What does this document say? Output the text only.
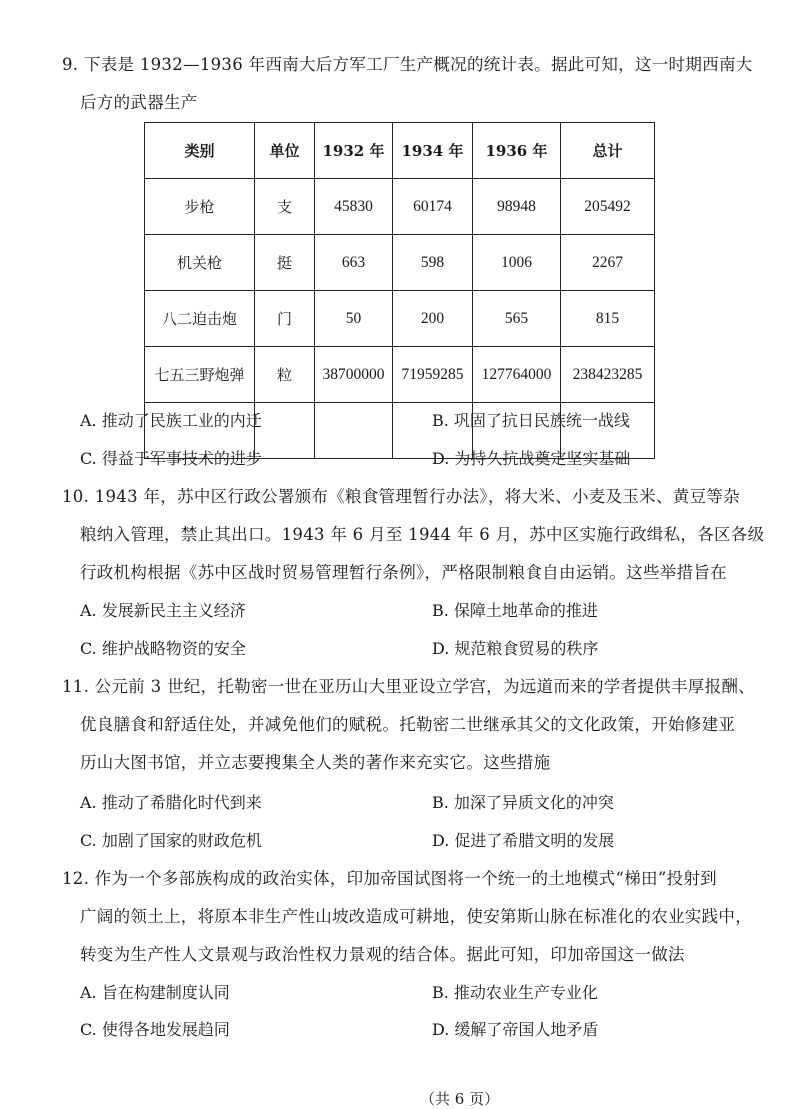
9. 下表是 1932—1936 年西南大后方军工厂生产概况的统计表。据此可知，这一时期西南大
后方的武器生产
类别	单位	1932 年	1934 年	1936 年	总计
步枪	支	45830	60174	98948	205492
机关枪	挺	663	598	1006	2267
八二迫击炮	门	50	200	565	815
七五三野炮弹	粒	38700000	71959285	127764000	238423285

A. 推动了民族工业的内迁	B. 巩固了抗日民族统一战线
C. 得益于军事技术的进步	D. 为持久抗战奠定坚实基础
10. 1943 年，苏中区行政公署颁布《粮食管理暂行办法》，将大米、小麦及玉米、黄豆等杂
粮纳入管理，禁止其出口。1943 年 6 月至 1944 年 6 月，苏中区实施行政缉私，各区各级
行政机构根据《苏中区战时贸易管理暂行条例》，严格限制粮食自由运销。这些举措旨在
A. 发展新民主主义经济	B. 保障土地革命的推进
C. 维护战略物资的安全	D. 规范粮食贸易的秩序
11. 公元前 3 世纪，托勒密一世在亚历山大里亚设立学宫，为远道而来的学者提供丰厚报酬、
优良膳食和舒适住处，并减免他们的赋税。托勒密二世继承其父的文化政策，开始修建亚
历山大图书馆，并立志要搜集全人类的著作来充实它。这些措施
A. 推动了希腊化时代到来	B. 加深了异质文化的冲突
C. 加剧了国家的财政危机	D. 促进了希腊文明的发展
12. 作为一个多部族构成的政治实体，印加帝国试图将一个统一的土地模式“梯田”投射到
广阔的领土上，将原本非生产性山坡改造成可耕地，使安第斯山脉在标准化的农业实践中，
转变为生产性人文景观与政治性权力景观的结合体。据此可知，印加帝国这一做法
A. 旨在构建制度认同	B. 推动农业生产专业化
C. 使得各地发展趋同	D. 缓解了帝国人地矛盾
（共 6 页）
